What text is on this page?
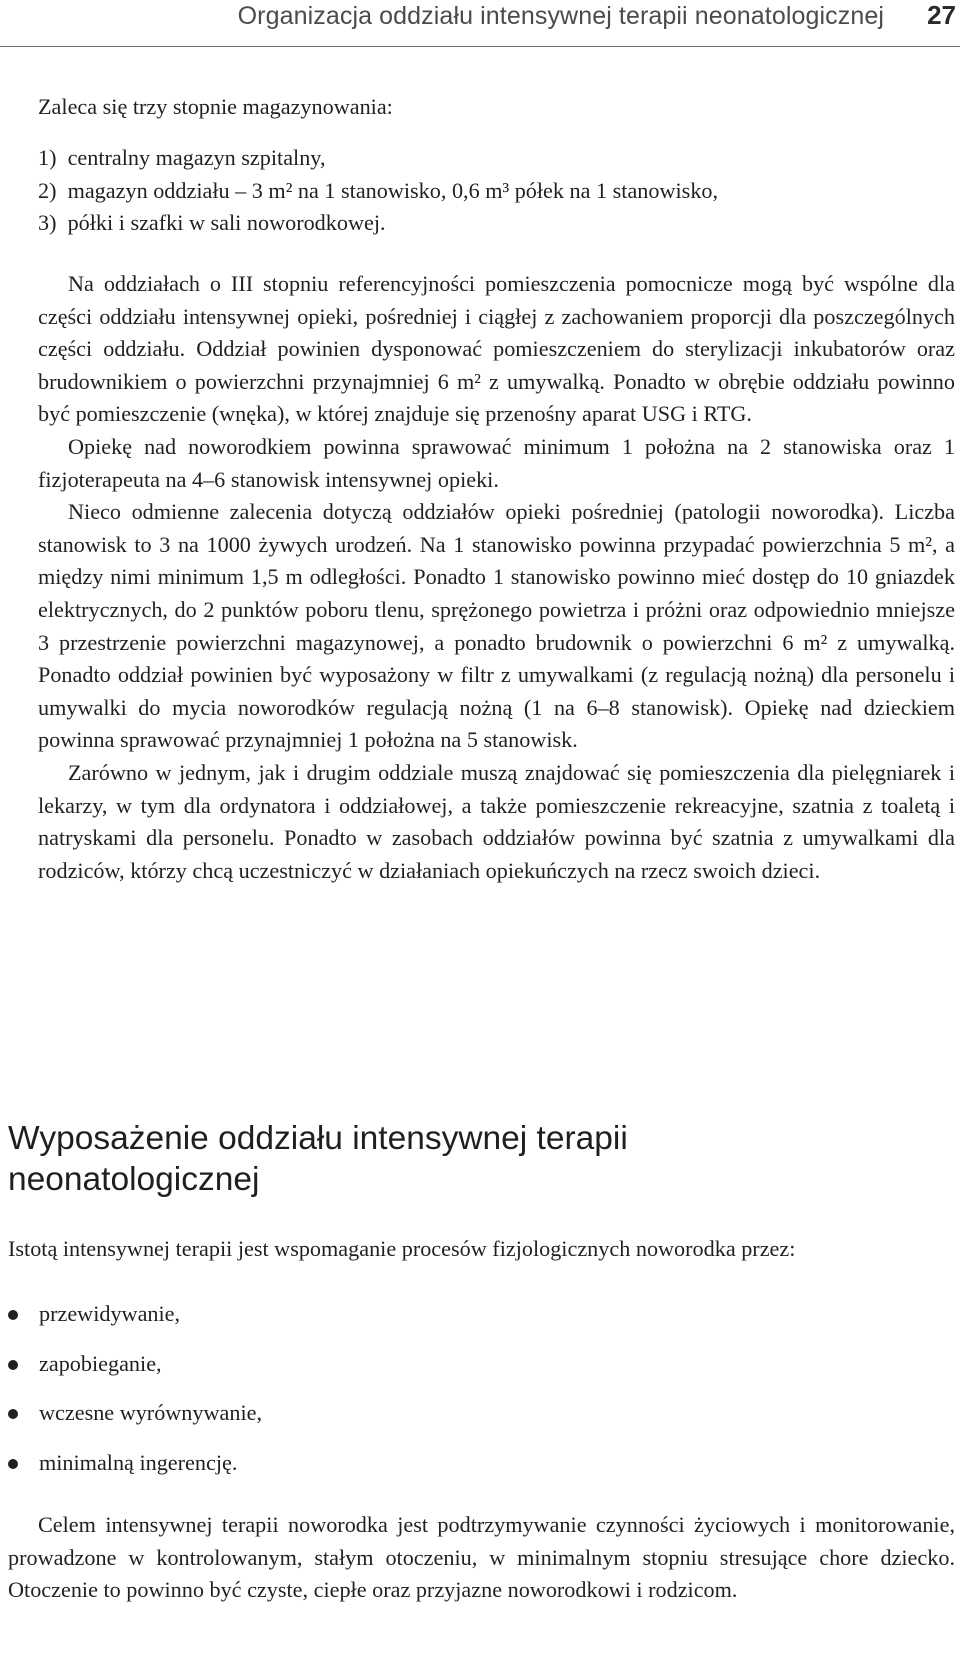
Organizacja oddziału intensywnej terapii neonatologicznej 27
Zaleca się trzy stopnie magazynowania:
1) centralny magazyn szpitalny,
2) magazyn oddziału – 3 m² na 1 stanowisko, 0,6 m³ półek na 1 stanowisko,
3) półki i szafki w sali noworodkowej.

Na oddziałach o III stopniu referencyjności pomieszczenia pomocnicze mogą być wspólne dla części oddziału intensywnej opieki, pośredniej i ciągłej z zachowaniem proporcji dla poszczególnych części oddziału. Oddział powinien dysponować pomieszczeniem do sterylizacji inkubatorów oraz brudownikiem o powierzchni przynajmniej 6 m² z umywalką. Ponadto w obrębie oddziału powinno być pomieszczenie (wnęka), w której znajduje się przenośny aparat USG i RTG.

Opiekę nad noworodkiem powinna sprawować minimum 1 położna na 2 stanowiska oraz 1 fizjoterapeuta na 4–6 stanowisk intensywnej opieki.

Nieco odmienne zalecenia dotyczą oddziałów opieki pośredniej (patologii noworodka). Liczba stanowisk to 3 na 1000 żywych urodzeń. Na 1 stanowisko powinna przypadać powierzchnia 5 m², a między nimi minimum 1,5 m odległości. Ponadto 1 stanowisko powinno mieć dostęp do 10 gniazdek elektrycznych, do 2 punktów poboru tlenu, sprężonego powietrza i próżni oraz odpowiednio mniejsze 3 przestrzenie powierzchni magazynowej, a ponadto brudownik o powierzchni 6 m² z umywalką. Ponadto oddział powinien być wyposażony w filtr z umywalkami (z regulacją nożną) dla personelu i umywalki do mycia noworodków regulacją nożną (1 na 6–8 stanowisk). Opiekę nad dzieckiem powinna sprawować przynajmniej 1 położna na 5 stanowisk.

Zarówno w jednym, jak i drugim oddziale muszą znajdować się pomieszczenia dla pielęgniarek i lekarzy, w tym dla ordynatora i oddziałowej, a także pomieszczenie rekreacyjne, szatnia z toaletą i natryskami dla personelu. Ponadto w zasobach oddziałów powinna być szatnia z umywalkami dla rodziców, którzy chcą uczestniczyć w działaniach opiekuńczych na rzecz swoich dzieci.

Wyposażenie oddziału intensywnej terapii
neonatologicznej
Istotą intensywnej terapii jest wspomaganie procesów fizjologicznych noworodka przez:
przewidywanie,
zapobieganie,
wczesne wyrównywanie,
minimalną ingerencję.

Celem intensywnej terapii noworodka jest podtrzymywanie czynności życiowych i monitorowanie, prowadzone w kontrolowanym, stałym otoczeniu, w minimalnym stopniu stresujące chore dziecko. Otoczenie to powinno być czyste, ciepłe oraz przyjazne noworodkowi i rodzicom.
